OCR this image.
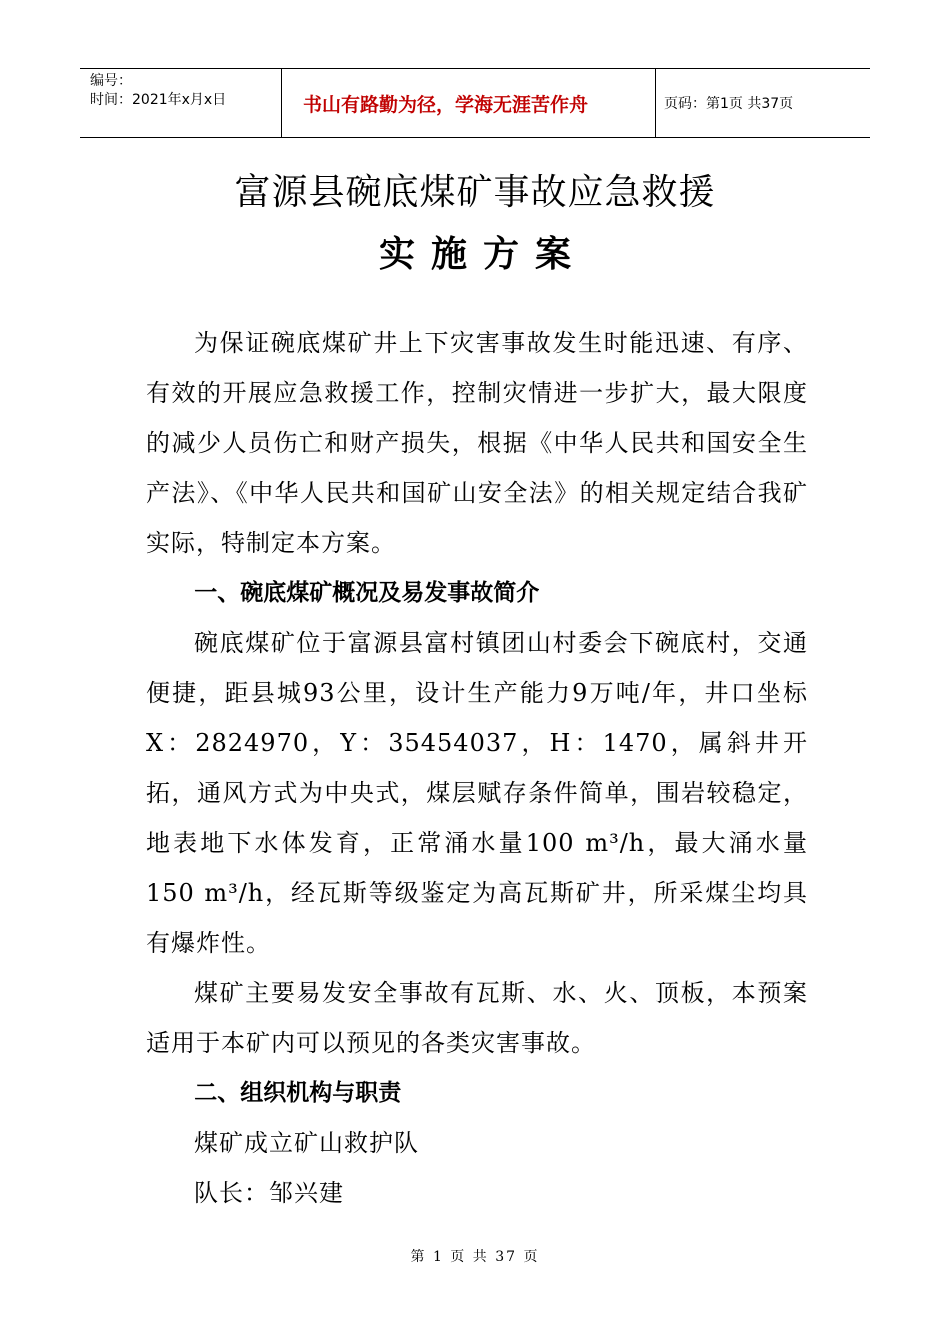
编号：
时间：2021年x月x日	书山有路勤为径，学海无涯苦作舟	页码：第1页 共37页
富源县碗底煤矿事故应急救援
实施方案

为保证碗底煤矿井上下灾害事故发生时能迅速、有序、有效的开展应急救援工作，控制灾情进一步扩大，最大限度的减少人员伤亡和财产损失，根据《中华人民共和国安全生产法》、《中华人民共和国矿山安全法》的相关规定结合我矿实际，特制定本方案。

一、碗底煤矿概况及易发事故简介

碗底煤矿位于富源县富村镇团山村委会下碗底村，交通便捷，距县城93公里，设计生产能力9万吨/年，井口坐标X：2824970，Y：35454037，H：1470，属斜井开拓，通风方式为中央式，煤层赋存条件简单，围岩较稳定，地表地下水体发育，正常涌水量100 m³/h，最大涌水量150 m³/h，经瓦斯等级鉴定为高瓦斯矿井，所采煤尘均具有爆炸性。

煤矿主要易发安全事故有瓦斯、水、火、顶板，本预案适用于本矿内可以预见的各类灾害事故。

二、组织机构与职责

煤矿成立矿山救护队

队长：邹兴建

第 1 页 共 37 页
